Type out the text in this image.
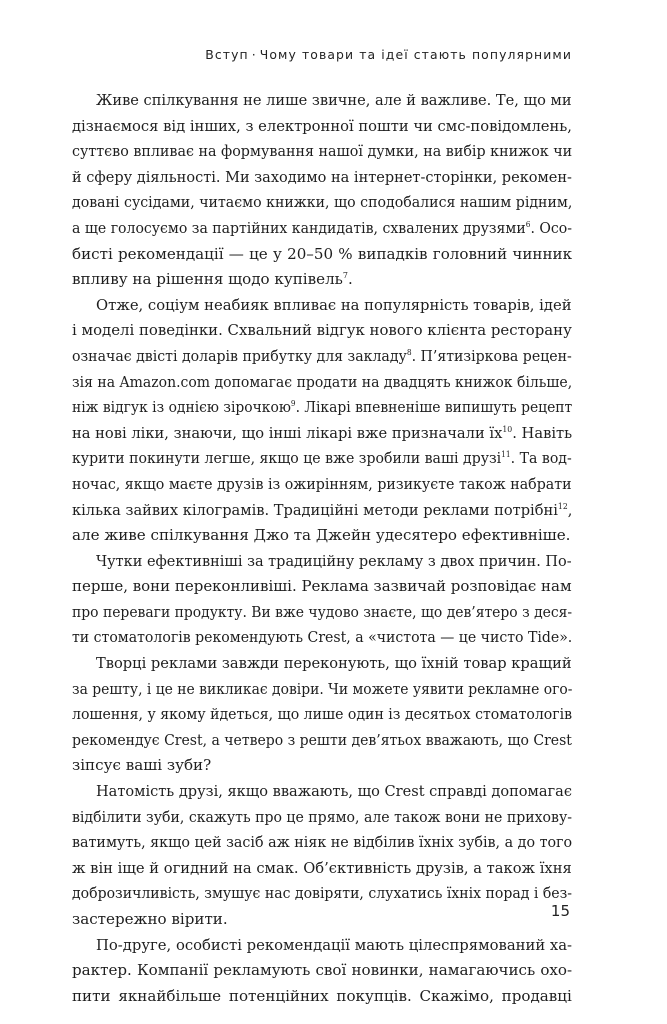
Вступ · Чому товари та ідеї стають популярними
Живе спілкування не лише звичне, але й важливе. Те, що ми
дізнаємося від інших, з електронної пошти чи смс-повідомлень,
суттєво впливає на формування нашої думки, на вибір книжок чи
й сферу діяльності. Ми заходимо на інтернет-сторінки, рекомен-
довані сусідами, читаємо книжки, що сподобалися нашим рідним,
а ще голосуємо за партійних кандидатів, схвалених друзями$^6$. Осо-
бисті рекомендації — це у 20–50 % випадків головний чинник
впливу на рішення щодо купівель$^7$.
Отже, соціум неабияк впливає на популярність товарів, ідей
і моделі поведінки. Схвальний відгук нового клієнта ресторану
означає двісті доларів прибутку для закладу$^8$. П’ятизіркова рецен-
зія на Amazon.com допомагає продати на двадцять книжок більше,
ніж відгук із однією зірочкою$^9$. Лікарі впевненіше випишуть рецепт
на нові ліки, знаючи, що інші лікарі вже призначали $їх^{10}$. Навіть
курити покинути легше, якщо це вже зробили ваші друзі$^{11}$. Та вод-
ночас, якщо маєте друзів із ожирінням, ризикуєте також набрати
кілька зайвих кілограмів. Традиційні методи реклами потрібні$^{12}$,
але живе спілкування Джо та Джейн удесятеро ефективніше.
Чутки ефективніші за традиційну рекламу з двох причин. По-
перше, вони переконливіші. Реклама зазвичай розповідає нам
про переваги продукту. Ви вже чудово знаєте, що дев’ятеро з деся-
ти стоматологів рекомендують Crest, а «чистота — це чисто Tide».
Творці реклами завжди переконують, що їхній товар кращий
за решту, і це не викликає довіри. Чи можете уявити рекламне ого-
лошення, у якому йдеться, що лише один із десятьох стоматологів
рекомендує Crest, а четверо з решти дев’ятьох вважають, що Crest
зіпсує ваші зуби?
Натомість друзі, якщо вважають, що Crest справді допомагає
відбілити зуби, скажуть про це прямо, але також вони не прихову-
ватимуть, якщо цей засіб аж ніяк не відбілив їхніх зубів, а до того
ж він іще й огидний на смак. Об’єктивність друзів, а також їхня
доброзичливість, змушує нас довіряти, слухатись їхніх порад і без-
застережно вірити.
По-друге, особисті рекомендації мають цілеспрямований ха-
рактер. Компанії рекламують свої новинки, намагаючись охо-
пити якнайбільше потенційних покупців. Скажімо, продавці
15
